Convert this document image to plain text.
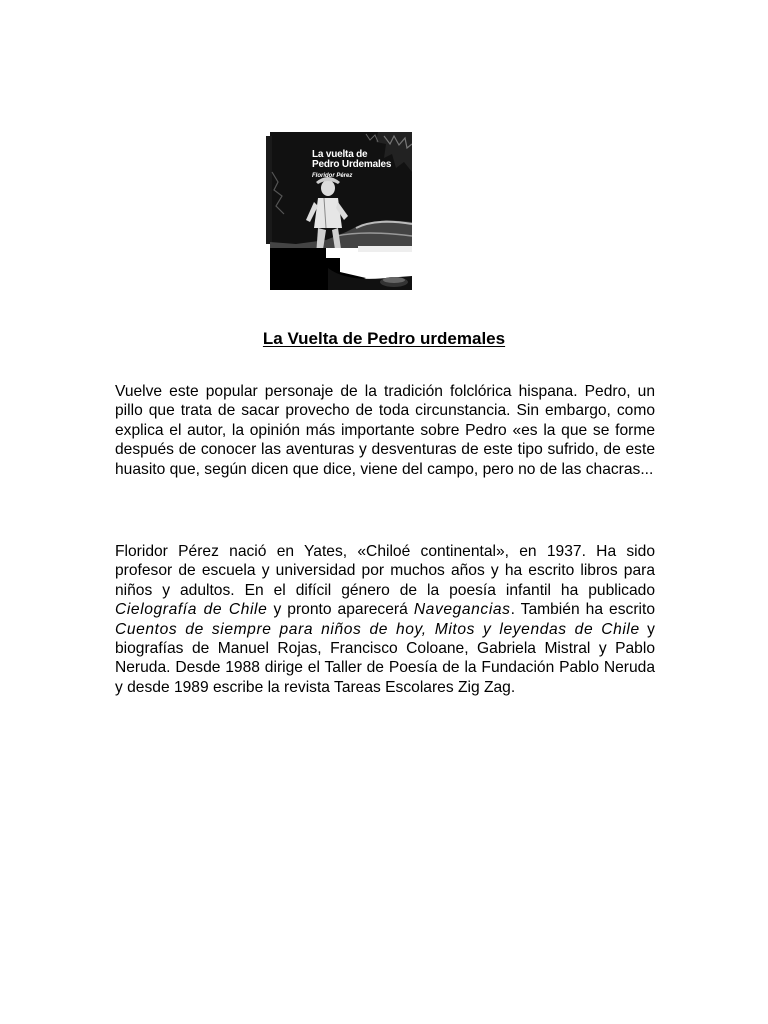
La vuelta de
Pedro Urdemales
Floridor Pérez
La Vuelta de Pedro urdemales

Vuelve este popular personaje de la tradición folclórica hispana. Pedro, un pillo que trata de sacar provecho de toda circunstancia. Sin embargo, como explica el autor, la opinión más importante sobre Pedro «es la que se forme después de conocer las aventuras y desventuras de este tipo sufrido, de este huasito que, según dicen que dice, viene del campo, pero no de las chacras...

Floridor Pérez nació en Yates, «Chiloé continental», en 1937. Ha sido profesor de escuela y universidad por muchos años y ha escrito libros para niños y adultos. En el difícil género de la poesía infantil ha publicado Cielografía de Chile y pronto aparecerá Navegancias. También ha escrito Cuentos de siempre para niños de hoy, Mitos y leyendas de Chile y biografías de Manuel Rojas, Francisco Coloane, Gabriela Mistral y Pablo Neruda. Desde 1988 dirige el Taller de Poesía de la Fundación Pablo Neruda y desde 1989 escribe la revista Tareas Escolares Zig Zag.
